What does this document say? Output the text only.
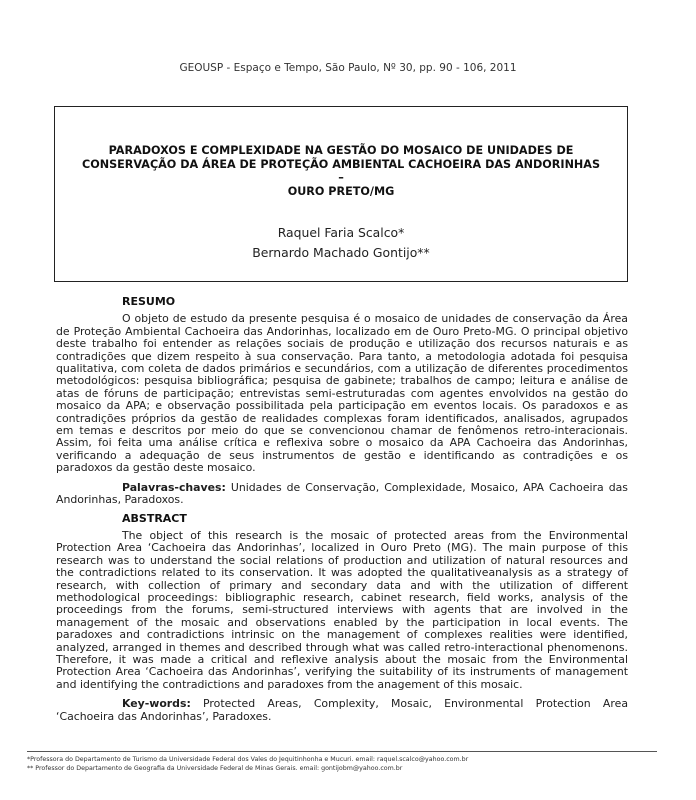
GEOUSP - Espaço e Tempo, São Paulo, Nº 30, pp. 90 - 106, 2011
PARADOXOS E COMPLEXIDADE NA GESTÃO DO MOSAICO DE UNIDADES DE
CONSERVAÇÃO DA ÁREA DE PROTEÇÃO AMBIENTAL CACHOEIRA DAS ANDORINHAS –
OURO PRETO/MG
Raquel Faria Scalco*
Bernardo Machado Gontijo**
RESUMO

O objeto de estudo da presente pesquisa é o mosaico de unidades de conservação da Área de Proteção Ambiental Cachoeira das Andorinhas, localizado em de Ouro Preto-MG. O principal objetivo deste trabalho foi entender as relações sociais de produção e utilização dos recursos naturais e as contradições que dizem respeito à sua conservação. Para tanto, a metodologia adotada foi pesquisa qualitativa, com coleta de dados primários e secundários, com a utilização de diferentes procedimentos metodológicos: pesquisa bibliográfica; pesquisa de gabinete; trabalhos de campo; leitura e análise de atas de fóruns de participação; entrevistas semi-estruturadas com agentes envolvidos na gestão do mosaico da APA; e observação possibilitada pela participação em eventos locais. Os paradoxos e as contradições próprios da gestão de realidades complexas foram identificados, analisados, agrupados em temas e descritos por meio do que se convencionou chamar de fenômenos retro-interacionais. Assim, foi feita uma análise crítica e reflexiva sobre o mosaico da APA Cachoeira das Andorinhas, verificando a adequação de seus instrumentos de gestão e identificando as contradições e os paradoxos da gestão deste mosaico.

Palavras-chaves: Unidades de Conservação, Complexidade, Mosaico, APA Cachoeira das Andorinhas, Paradoxos.

ABSTRACT

The object of this research is the mosaic of protected areas from the Environmental Protection Area ‘Cachoeira das Andorinhas’, localized in Ouro Preto (MG). The main purpose of this research was to understand the social relations of production and utilization of natural resources and the contradictions related to its conservation. It was adopted the qualitativeanalysis as a strategy of research, with collection of primary and secondary data and with the utilization of different methodological proceedings: bibliographic research, cabinet research, field works, analysis of the proceedings from the forums, semi-structured interviews with agents that are involved in the management of the mosaic and observations enabled by the participation in local events. The paradoxes and contradictions intrinsic on the management of complexes realities were identified, analyzed, arranged in themes and described through what was called retro-interactional phenomenons. Therefore, it was made a critical and reflexive analysis about the mosaic from the Environmental Protection Area ‘Cachoeira das Andorinhas’, verifying the suitability of its instruments of management and identifying the contradictions and paradoxes from the anagement of this mosaic.

Key-words: Protected Areas, Complexity, Mosaic, Environmental Protection Area ‘Cachoeira das Andorinhas’, Paradoxes.

*Professora do Departamento de Turismo da Universidade Federal dos Vales do Jequitinhonha e Mucuri. email: raquel.scalco@yahoo.com.br
** Professor do Departamento de Geografia da Universidade Federal de Minas Gerais. email: gontijobm@yahoo.com.br
